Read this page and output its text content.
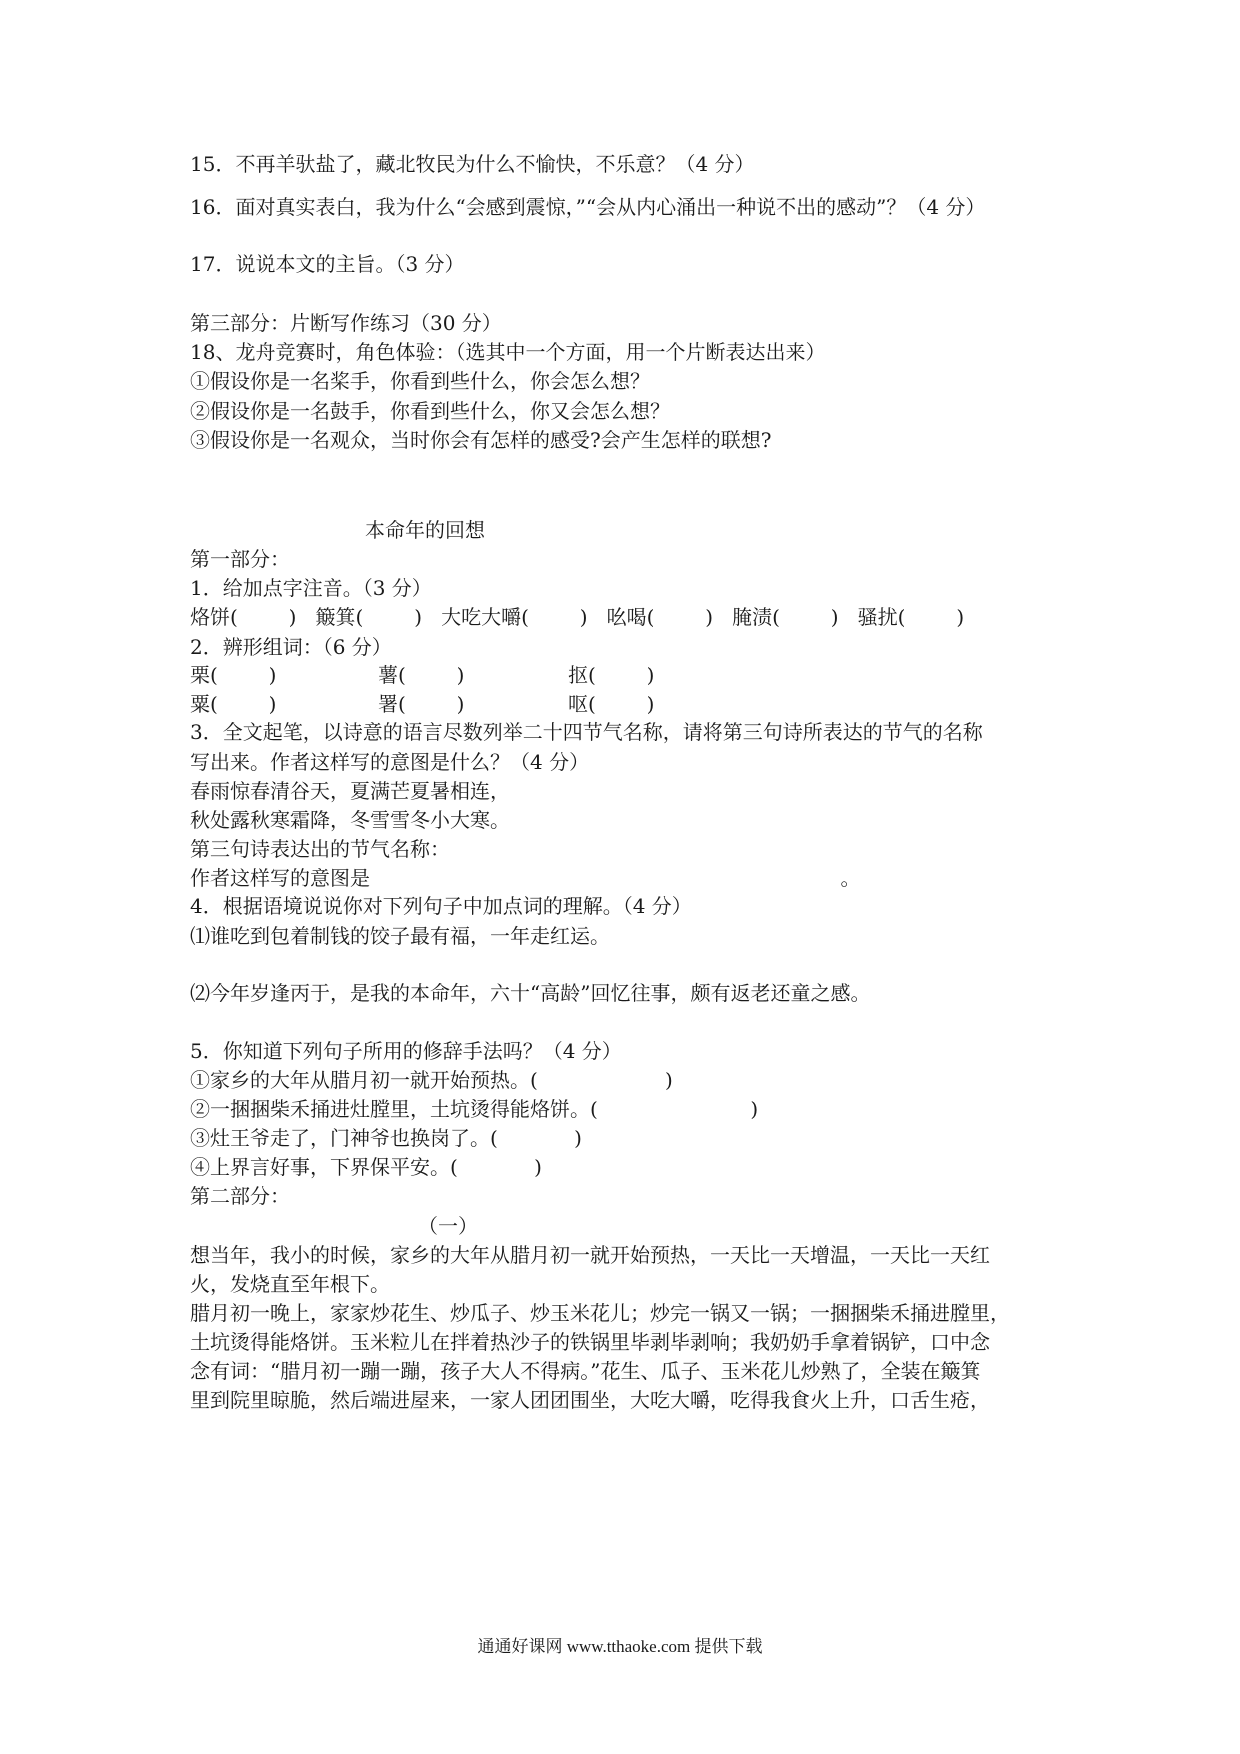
15．不再羊驮盐了，藏北牧民为什么不愉快，不乐意？（4 分）

16．面对真实表白，我为什么“会感到震惊，”“会从内心涌出一种说不出的感动”？（4 分）

17．说说本文的主旨。（3 分）

第三部分：片断写作练习（30 分）

18、龙舟竞赛时，角色体验：（选其中一个方面，用一个片断表达出来）

①假设你是一名桨手，你看到些什么，你会怎么想？

②假设你是一名鼓手，你看到些什么，你又会怎么想？

③假设你是一名观众，当时你会有怎样的感受?会产生怎样的联想?

本命年的回想

第一部分：

1．给加点字注音。（3 分）

烙饼(        )   簸箕(        )   大吃大嚼(        )   吆喝(        )   腌渍(        )   骚扰(        )

2．辨形组词：（6 分）

栗(        )	薯(        )	抠(        )
粟(        )	署(        )	呕(        )

3．全文起笔，以诗意的语言尽数列举二十四节气名称，请将第三句诗所表达的节气的名称

写出来。作者这样写的意图是什么？（4 分）

春雨惊春清谷天，夏满芒夏暑相连，

秋处露秋寒霜降，冬雪雪冬小大寒。

第三句诗表达出的节气名称：

作者这样写的意图是                                                                          。

4．根据语境说说你对下列句子中加点词的理解。（4 分）

⑴谁吃到包着制钱的饺子最有福，一年走红运。

⑵今年岁逢丙于，是我的本命年，六十“高龄”回忆往事，颇有返老还童之感。

5．你知道下列句子所用的修辞手法吗？（4 分）

①家乡的大年从腊月初一就开始预热。(                    )

②一捆捆柴禾捅进灶膛里，土坑烫得能烙饼。(                        )

③灶王爷走了，门神爷也换岗了。(            )

④上界言好事，下界保平安。(            )

第二部分：

（一）

想当年，我小的时候，家乡的大年从腊月初一就开始预热，一天比一天增温，一天比一天红

火，发烧直至年根下。

腊月初一晚上，家家炒花生、炒瓜子、炒玉米花儿；炒完一锅又一锅；一捆捆柴禾捅进膛里，

土坑烫得能烙饼。玉米粒儿在拌着热沙子的铁锅里毕剥毕剥响；我奶奶手拿着锅铲，口中念

念有词：“腊月初一蹦一蹦，孩子大人不得病。”花生、瓜子、玉米花儿炒熟了，全装在簸箕

里到院里晾脆，然后端进屋来，一家人团团围坐，大吃大嚼，吃得我食火上升，口舌生疮，

通通好课网 www.tthaoke.com 提供下载
